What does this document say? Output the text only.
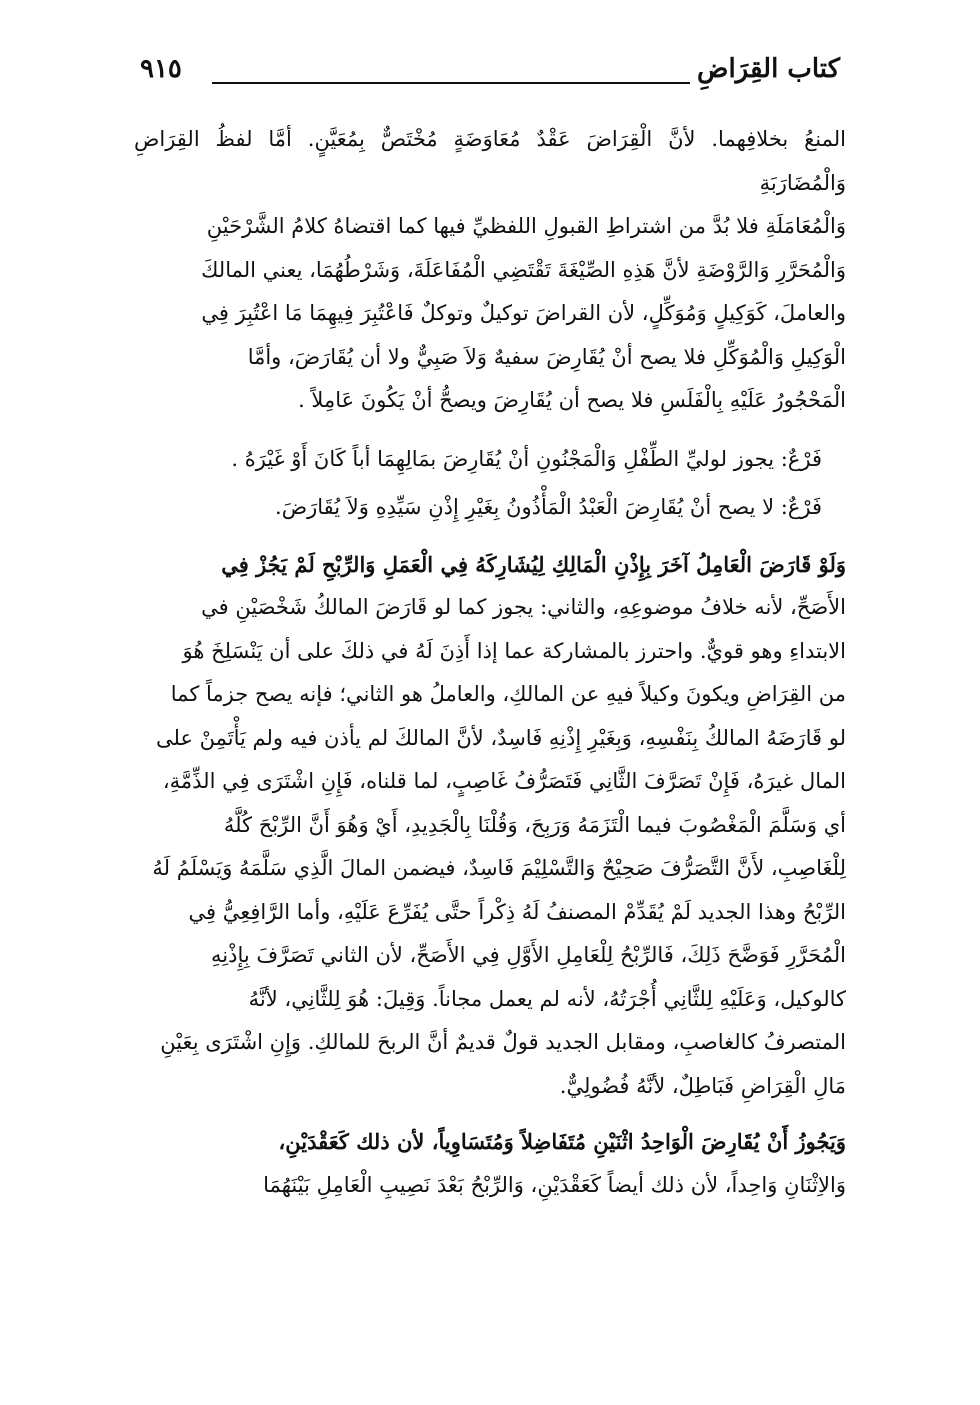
كتاب القِرَاضِ
٩١٥

المنعُ بخلافِهما. لأنَّ الْقِرَاضَ عَقْدٌ مُعَاوَضَةٍ مُخْتَصٌّ بِمُعَيَّنٍ. أمَّا لفظُ القِرَاضِ وَالْمُضَارَبَةِ

وَالْمُعَامَلَةِ فلا بُدَّ من اشتراطِ القبولِ اللفظيِّ فيها كما اقتضاهُ كلامُ الشَّرْحَيْنِ

وَالْمُحَرَّرِ وَالرَّوْضَةِ لأنَّ هَذِهِ الصِّيْغَةَ تَقْتَضِي الْمُفَاعَلَةَ، وَشَرْطُهُمَا، يعني المالكَ

والعاملَ، كَوَكِيلٍ وَمُوَكِّلٍ، لأن القراضَ توكيلٌ وتوكلٌ فَاعْتُبِرَ فِيهِمَا مَا اعْتُبِرَ فِي

الْوَكِيلِ وَالْمُوَكِّلِ فلا يصح أنْ يُقَارِضَ سفيهٌ وَلاَ صَبِيٌّ ولا أن يُقَارَضَ، وأمَّا

الْمَحْجُورُ عَلَيْهِ بِالْفَلَسِ فلا يصح أن يُقَارِضَ ويصحُّ أنْ يَكُونَ عَامِلاً .

فَرْعٌ: يجوز لوليِّ الطِّفْلِ وَالْمَجْنُونِ أنْ يُقَارِضَ بمَالِهِمَا أباً كَانَ أَوْ غَيْرَهُ .

فَرْعٌ: لا يصح أنْ يُقَارِضَ الْعَبْدُ الْمَأْذُونُ بِغَيْرِ إِذْنِ سَيِّدِهِ وَلاَ يُقَارَضَ.

وَلَوْ قَارَضَ الْعَامِلُ آخَرَ بِإِذْنِ الْمَالِكِ لِيُشَارِكَهُ فِي الْعَمَلِ وَالرِّبْحِ لَمْ يَجُزْ فِي

الأَصَحِّ، لأنه خلافُ موضوعِهِ، والثاني: يجوز كما لو قَارَضَ المالكُ شَخْصَيْنِ في

الابتداءِ وهو قويٌّ. واحترز بالمشاركة عما إذا أَذِنَ لَهُ في ذلكَ على أن يَنْسَلِخَ هُوَ

من القِرَاضِ ويكونَ وكيلاً فيهِ عن المالكِ، والعاملُ هو الثاني؛ فإنه يصح جزماً كما

لو قَارَضَهُ المالكُ بِنَفْسِهِ، وَبِغَيْرِ إِذْنِهِ فَاسِدٌ، لأنَّ المالكَ لم يأذن فيه ولم يَأْتَمِنْ على

المال غيرَهُ، فَإِنْ تَصَرَّفَ الثَّانِي فَتَصَرُّفُ غَاصِبٍ، لما قلناه، فَإِنِ اشْتَرَى فِي الذِّمَّةِ،

أي وَسَلَّمَ الْمَغْصُوبَ فيما الْتَزَمَهُ وَرَبِحَ، وَقُلْنَا بِالْجَدِيدِ، أَيْ وَهُوَ أَنَّ الرِّبْحَ كُلَّهُ

لِلْغَاصِبِ، لأَنَّ التَّصَرُّفَ صَحِيْحٌ وَالتَّسْلِيْمَ فَاسِدٌ، فيضمن المالَ الَّذِي سَلَّمَهُ وَيَسْلَمُ لَهُ

الرِّبْحُ وهذا الجديد لَمْ يُقَدِّمْ المصنفُ لَهُ ذِكْراً حتَّى يُفَرِّعَ عَلَيْهِ، وأما الرَّافِعِيُّ فِي

الْمُحَرَّرِ فَوَضَّحَ ذَلِكَ، فَالرِّبْحُ لِلْعَامِلِ الأَوَّلِ فِي الأَصَحِّ، لأن الثاني تَصَرَّفَ بِإِذْنِهِ

كالوكيل، وَعَلَيْهِ لِلثَّانِي أُجْرَتُهُ، لأنه لم يعمل مجاناً. وَقِيلَ: هُوَ لِلثَّانِي، لأنَّهُ

المتصرفُ كالغاصبِ، ومقابل الجديد قولٌ قديمٌ أنَّ الربحَ للمالكِ. وَإِنِ اشْتَرَى بِعَيْنِ

مَالِ الْقِرَاضِ فَبَاطِلٌ، لأنَّهُ فُضُولِيٌّ.

وَيَجُوزُ أَنْ يُقَارِضَ الْوَاحِدُ اثْنَيْنِ مُتَفَاضِلاً وَمُتَسَاوِياً، لأن ذلك كَعَقْدَيْنِ،

وَالاِثْنَانِ وَاحِداً، لأن ذلك أيضاً كَعَقْدَيْنِ، وَالرِّبْحُ بَعْدَ نَصِيبِ الْعَامِلِ بَيْنَهُمَا
